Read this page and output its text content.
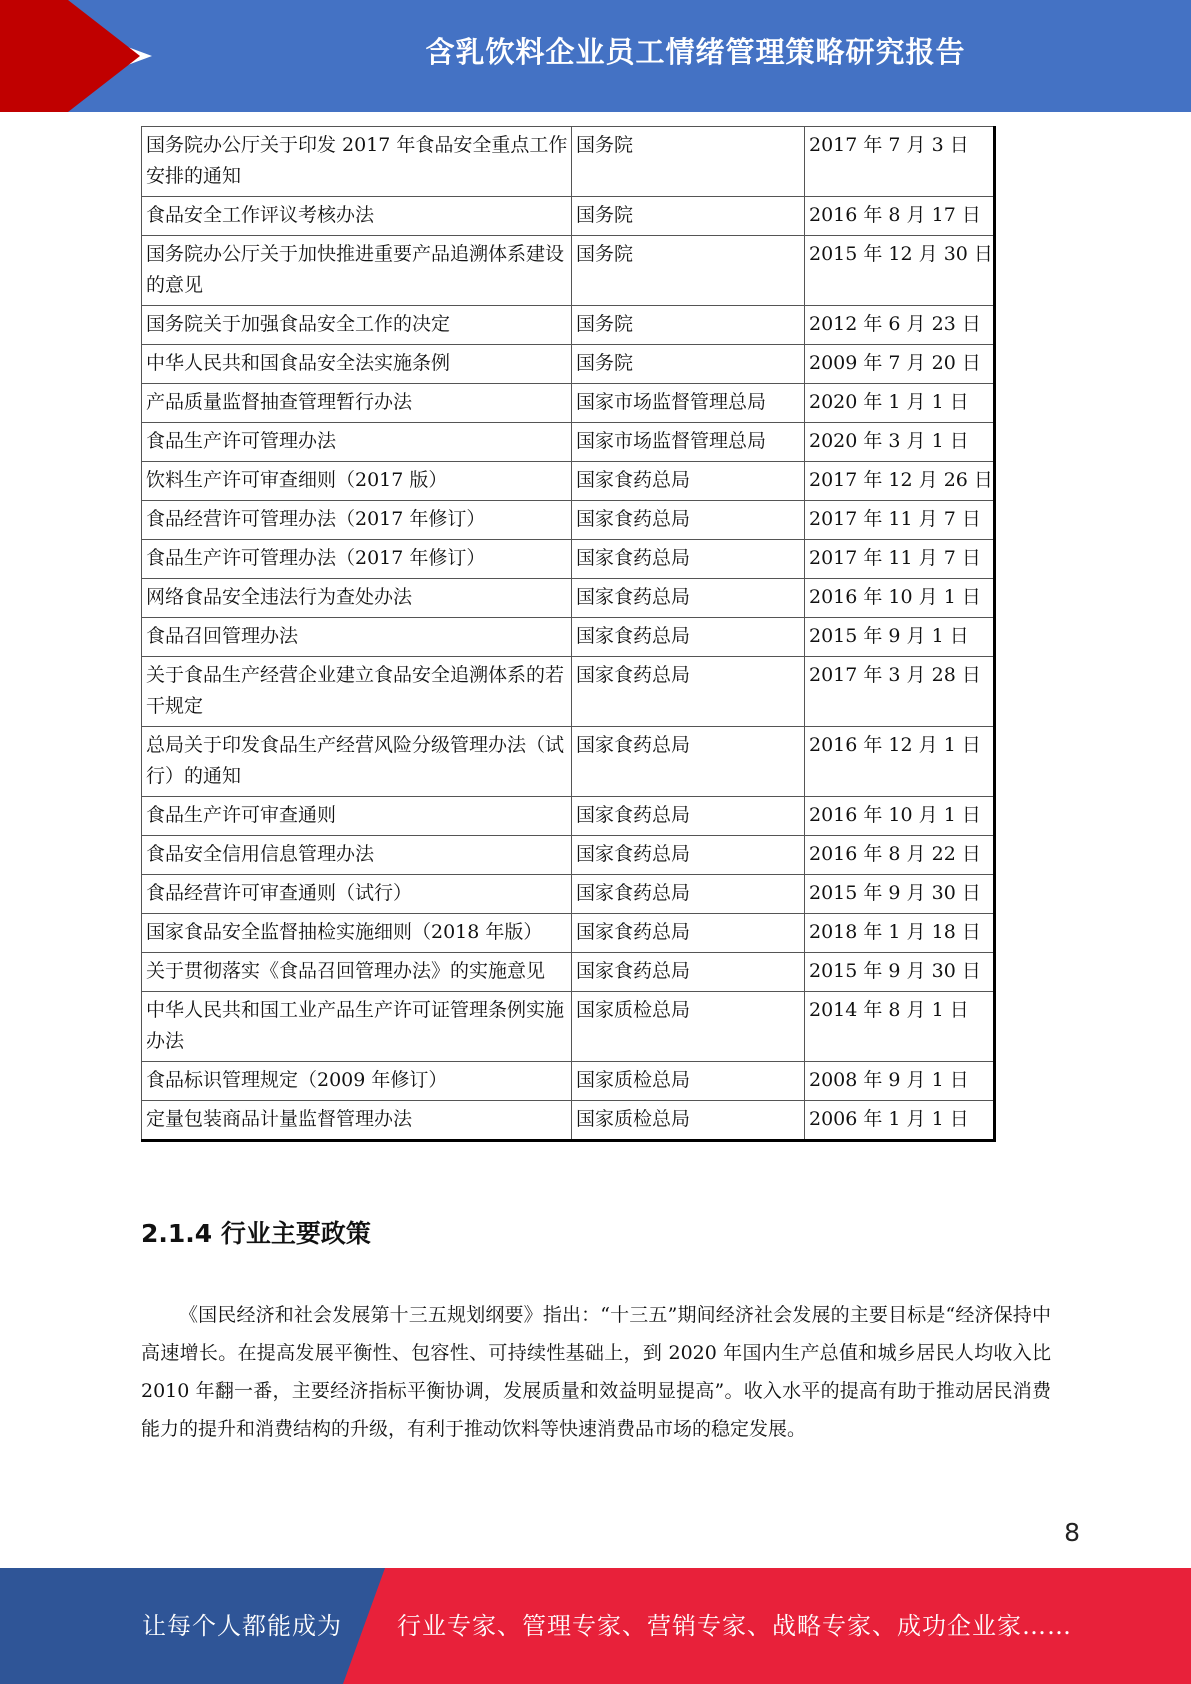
含乳饮料企业员工情绪管理策略研究报告
国务院办公厅关于印发 2017 年食品安全重点工作安排的通知	国务院	2017 年 7 月 3 日
食品安全工作评议考核办法	国务院	2016 年 8 月 17 日
国务院办公厅关于加快推进重要产品追溯体系建设的意见	国务院	2015 年 12 月 30 日
国务院关于加强食品安全工作的决定	国务院	2012 年 6 月 23 日
中华人民共和国食品安全法实施条例	国务院	2009 年 7 月 20 日
产品质量监督抽查管理暂行办法	国家市场监督管理总局	2020 年 1 月 1 日
食品生产许可管理办法	国家市场监督管理总局	2020 年 3 月 1 日
饮料生产许可审查细则（2017 版）	国家食药总局	2017 年 12 月 26 日
食品经营许可管理办法（2017 年修订）	国家食药总局	2017 年 11 月 7 日
食品生产许可管理办法（2017 年修订）	国家食药总局	2017 年 11 月 7 日
网络食品安全违法行为查处办法	国家食药总局	2016 年 10 月 1 日
食品召回管理办法	国家食药总局	2015 年 9 月 1 日
关于食品生产经营企业建立食品安全追溯体系的若干规定	国家食药总局	2017 年 3 月 28 日
总局关于印发食品生产经营风险分级管理办法（试行）的通知	国家食药总局	2016 年 12 月 1 日
食品生产许可审查通则	国家食药总局	2016 年 10 月 1 日
食品安全信用信息管理办法	国家食药总局	2016 年 8 月 22 日
食品经营许可审查通则（试行）	国家食药总局	2015 年 9 月 30 日
国家食品安全监督抽检实施细则（2018 年版）	国家食药总局	2018 年 1 月 18 日
关于贯彻落实《食品召回管理办法》的实施意见	国家食药总局	2015 年 9 月 30 日
中华人民共和国工业产品生产许可证管理条例实施办法	国家质检总局	2014 年 8 月 1 日
食品标识管理规定（2009 年修订）	国家质检总局	2008 年 9 月 1 日
定量包装商品计量监督管理办法	国家质检总局	2006 年 1 月 1 日
2.1.4 行业主要政策

《国民经济和社会发展第十三五规划纲要》指出：“十三五”期间经济社会发展的主要目标是“经济保持中高速增长。在提高发展平衡性、包容性、可持续性基础上，到 2020 年国内生产总值和城乡居民人均收入比 2010 年翻一番，主要经济指标平衡协调，发展质量和效益明显提高”。收入水平的提高有助于推动居民消费能力的提升和消费结构的升级，有利于推动饮料等快速消费品市场的稳定发展。

8
让每个人都能成为 行业专家、管理专家、营销专家、战略专家、成功企业家……
